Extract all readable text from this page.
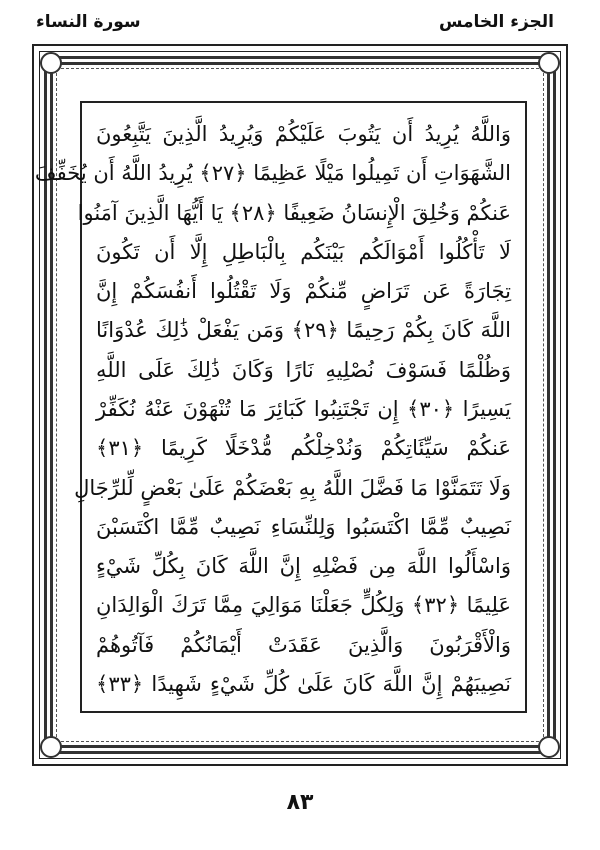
الجزء الخامس
سورة النساء
وَاللَّهُ يُرِيدُ أَن يَتُوبَ عَلَيْكُمْ وَيُرِيدُ الَّذِينَ يَتَّبِعُونَ
الشَّهَوَاتِ أَن تَمِيلُوا مَيْلًا عَظِيمًا ﴿٢٧﴾ يُرِيدُ اللَّهُ أَن يُخَفِّفَ
عَنكُمْ وَخُلِقَ الْإِنسَانُ ضَعِيفًا ﴿٢٨﴾ يَا أَيُّهَا الَّذِينَ آمَنُوا
لَا تَأْكُلُوا أَمْوَالَكُم بَيْنَكُم بِالْبَاطِلِ إِلَّا أَن تَكُونَ
تِجَارَةً عَن تَرَاضٍ مِّنكُمْ وَلَا تَقْتُلُوا أَنفُسَكُمْ إِنَّ
اللَّهَ كَانَ بِكُمْ رَحِيمًا ﴿٢٩﴾ وَمَن يَفْعَلْ ذَٰلِكَ عُدْوَانًا
وَظُلْمًا فَسَوْفَ نُصْلِيهِ نَارًا وَكَانَ ذَٰلِكَ عَلَى اللَّهِ
يَسِيرًا ﴿٣٠﴾ إِن تَجْتَنِبُوا كَبَائِرَ مَا تُنْهَوْنَ عَنْهُ نُكَفِّرْ
عَنكُمْ سَيِّئَاتِكُمْ وَنُدْخِلْكُم مُّدْخَلًا كَرِيمًا ﴿٣١﴾
وَلَا تَتَمَنَّوْا مَا فَضَّلَ اللَّهُ بِهِ بَعْضَكُمْ عَلَىٰ بَعْضٍ لِّلرِّجَالِ
نَصِيبٌ مِّمَّا اكْتَسَبُوا وَلِلنِّسَاءِ نَصِيبٌ مِّمَّا اكْتَسَبْنَ
وَاسْأَلُوا اللَّهَ مِن فَضْلِهِ إِنَّ اللَّهَ كَانَ بِكُلِّ شَيْءٍ
عَلِيمًا ﴿٣٢﴾ وَلِكُلٍّ جَعَلْنَا مَوَالِيَ مِمَّا تَرَكَ الْوَالِدَانِ
وَالْأَقْرَبُونَ وَالَّذِينَ عَقَدَتْ أَيْمَانُكُمْ فَآتُوهُمْ
نَصِيبَهُمْ إِنَّ اللَّهَ كَانَ عَلَىٰ كُلِّ شَيْءٍ شَهِيدًا ﴿٣٣﴾
٨٣
